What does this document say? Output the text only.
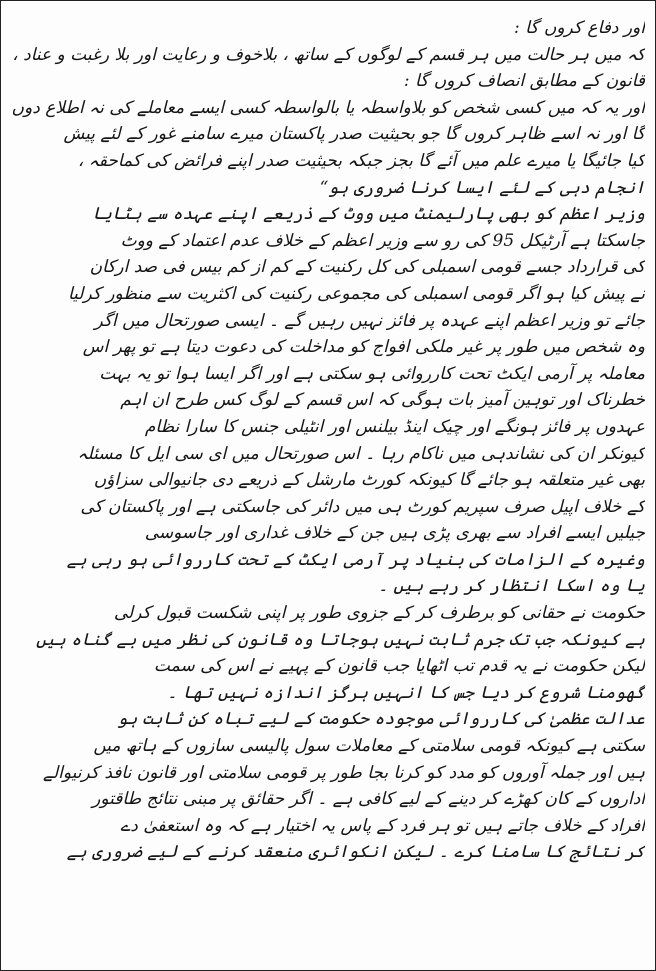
اور دفاع کروں گا :
کہ میں ہر حالت میں ہر قسم کے لوگوں کے ساتھ ، بلاخوف و رعایت اور بلا رغبت و عناد ،
قانون کے مطابق انصاف کروں گا :
اور یہ کہ میں کسی شخص کو بلاواسطہ یا بالواسطہ کسی ایسے معاملے کی نہ اطلاع دوں
گا اور نہ اسے ظاہر کروں گا جو بحیثیت صدر پاکستان میرے سامنے غور کے لئے پیش
کیا جائیگا یا میرے علم میں آئے گا بجز جبکہ بحیثیت صدر اپنے فرائض کی کماحقہ ،
انجام دہی کے لئے ایسا کرنا ضروری ہو“
وزیر اعظم کو بھی پارلیمنٹ میں ووٹ کے ذریعے اپنے عہدہ سے ہٹایا
جاسکتا ہے آرٹیکل 95 کی رو سے وزیر اعظم کے خلاف عدم اعتماد کے ووٹ
کی قرارداد جسے قومی اسمبلی کی کل رکنیت کے کم از کم بیس فی صد ارکان
نے پیش کیا ہو اگر قومی اسمبلی کی مجموعی رکنیت کی اکثریت سے منظور کرلیا
جائے تو وزیر اعظم اپنے عہدہ پر فائز نہیں رہیں گے ۔ ایسی صورتحال میں اگر
وہ شخص میں طور پر غیر ملکی افواج کو مداخلت کی دعوت دیتا ہے تو پھر اس
معاملہ پر آرمی ایکٹ تحت کارروائی ہو سکتی ہے اور اگر ایسا ہوا تو یہ بہت
خطرناک اور توہین آمیز بات ہوگی کہ اس قسم کے لوگ کس طرح ان اہم
عہدوں پر فائز ہونگے اور چیک اینڈ بیلنس اور انٹیلی جنس کا سارا نظام
کیونکر ان کی نشاندہی میں ناکام رہا ۔ اس صورتحال میں ای سی ایل کا مسئلہ
بھی غیر متعلقہ ہو جائے گا کیونکہ کورٹ مارشل کے ذریعے دی جانیوالی سزاؤں
کے خلاف اپیل صرف سپریم کورٹ ہی میں دائر کی جاسکتی ہے اور پاکستان کی
جیلیں ایسے افراد سے بھری پڑی ہیں جن کے خلاف غداری اور جاسوسی
وغیرہ کے الزامات کی بنیاد پر آرمی ایکٹ کے تحت کارروائی ہو رہی ہے
یا وہ اسکا انتظار کر رہے ہیں ۔
حکومت نے حقانی کو برطرف کر کے جزوی طور پر اپنی شکست قبول کرلی
ہے کیونکہ جب تک جرم ثابت نہیں ہوجاتا وہ قانون کی نظر میں بے گناہ ہیں
لیکن حکومت نے یہ قدم تب اٹھایا جب قانون کے پہیے نے اس کی سمت
گھومنا شروع کر دیا جس کا انہیں ہرگز اندازہ نہیں تھا ۔
عدالت عظمیٰ کی کارروائی موجودہ حکومت کے لیے تباہ کن ثابت ہو
سکتی ہے کیونکہ قومی سلامتی کے معاملات سول پالیسی سازوں کے ہاتھ میں
ہیں اور جملہ آوروں کو مدد کو کرنا بجا طور پر قومی سلامتی اور قانون نافذ کرنیوالے
اداروں کے کان کھڑے کر دینے کے لیے کافی ہے ۔ اگر حقائق پر مبنی نتائج طاقتور
افراد کے خلاف جاتے ہیں تو ہر فرد کے پاس یہ اختیار ہے کہ وہ استعفیٰ دے
کر نتائج کا سامنا کرے ۔ لیکن انکوائری منعقد کرنے کے لیے ضروری ہے
